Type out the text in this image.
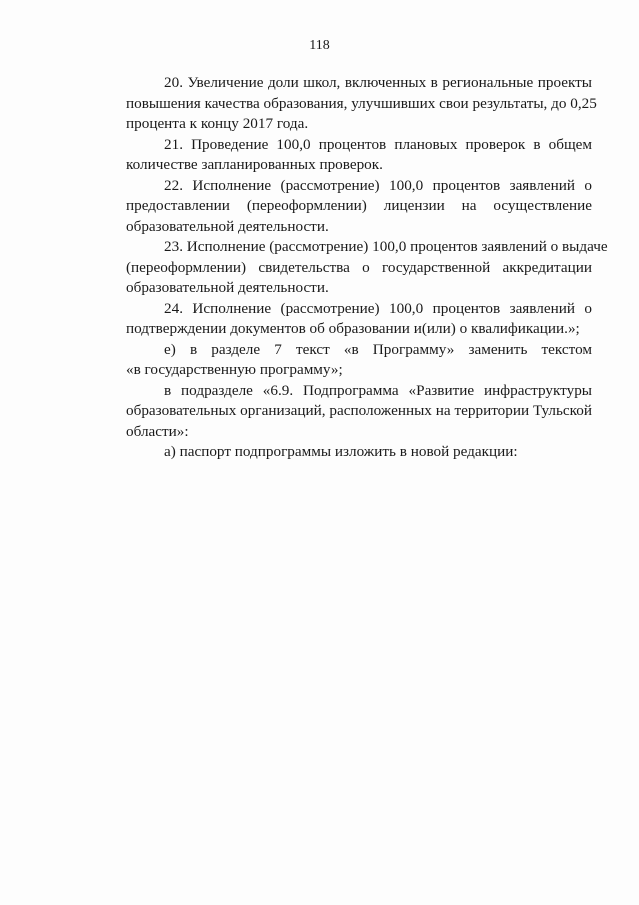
118
20. Увеличение доли школ, включенных в региональные проекты
повышения качества образования, улучшивших свои результаты, до 0,25
процента к концу 2017 года.
21. Проведение 100,0 процентов плановых проверок в общем
количестве запланированных проверок.
22. Исполнение (рассмотрение) 100,0 процентов заявлений о
предоставлении (переоформлении) лицензии на осуществление
образовательной деятельности.
23. Исполнение (рассмотрение) 100,0 процентов заявлений о выдаче
(переоформлении) свидетельства о государственной аккредитации
образовательной деятельности.
24. Исполнение (рассмотрение) 100,0 процентов заявлений о
подтверждении документов об образовании и(или) о квалификации.»;
е) в разделе 7 текст «в Программу» заменить текстом
«в государственную программу»;
в подразделе «6.9. Подпрограмма «Развитие инфраструктуры
образовательных организаций, расположенных на территории Тульской
области»:
а) паспорт подпрограммы изложить в новой редакции:
